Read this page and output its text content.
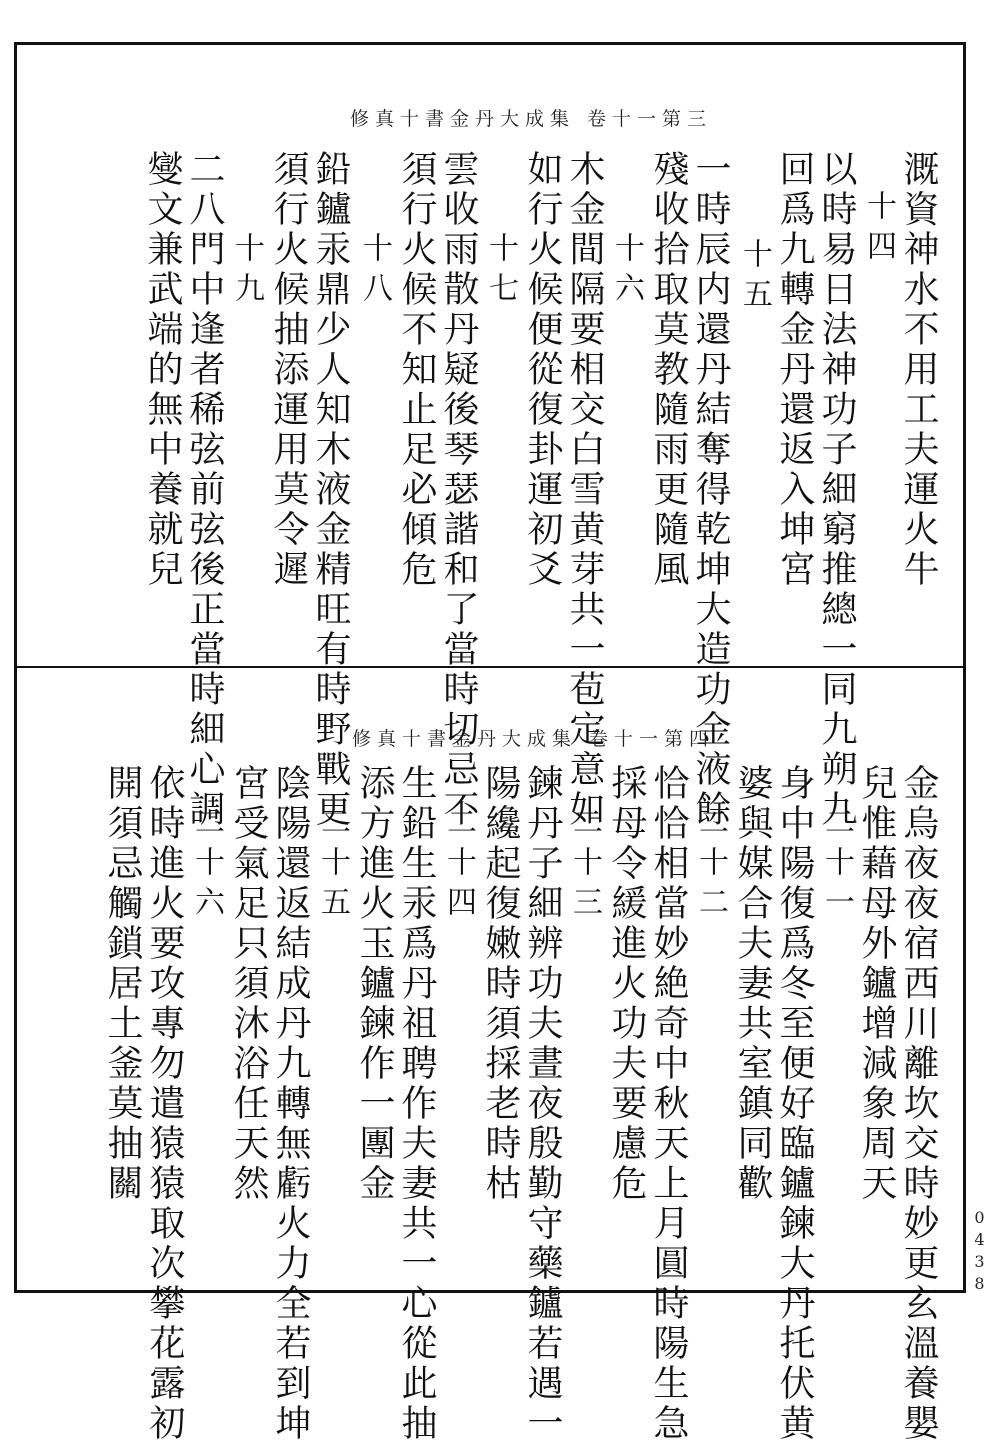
修真十書金丹大成集 卷十一第三
溉資神水不用工夫運火牛
十四
以時易日法神功子細窮推總一同九朔九
回爲九轉金丹還返入坤宮
十五
一時辰内還丹結奪得乾坤大造功金液餘
殘收拾取莫教隨雨更隨風
十六
木金間隔要相交白雪黄芽共一苞定意如
如行火候便從復卦運初爻
十七
雲收雨散丹疑後琴瑟諧和了當時切忌不
須行火候不知止足必傾危
十八
鉛鑪汞鼎少人知木液金精旺有時野戰更
須行火候抽添運用莫令遲
十九
二八門中逢者稀弦前弦後正當時細心調
燮文兼武端的無中養就兒
修真十書金丹大成集 卷十一第四
金烏夜夜宿西川離坎交時妙更玄溫養嬰
兒惟藉母外鑪增減象周天
二十一
身中陽復爲冬至便好臨鑪鍊大丹托伏黄
婆與媒合夫妻共室鎮同歡
二十二
恰恰相當妙絶奇中秋天上月圓時陽生急
採母令緩進火功夫要慮危
二十三
鍊丹子細辨功夫晝夜殷勤守藥鑪若遇一
陽纔起復嫩時須採老時枯
二十四
生鉛生汞爲丹祖聘作夫妻共一心從此抽
添方進火玉鑪鍊作一團金
二十五
陰陽還返結成丹九轉無虧火力全若到坤
宮受氣足只須沐浴任天然
二十六
依時進火要攻專勿遣猿猿取次攀花露初
開須忌觸鎖居土釜莫抽關
0438
